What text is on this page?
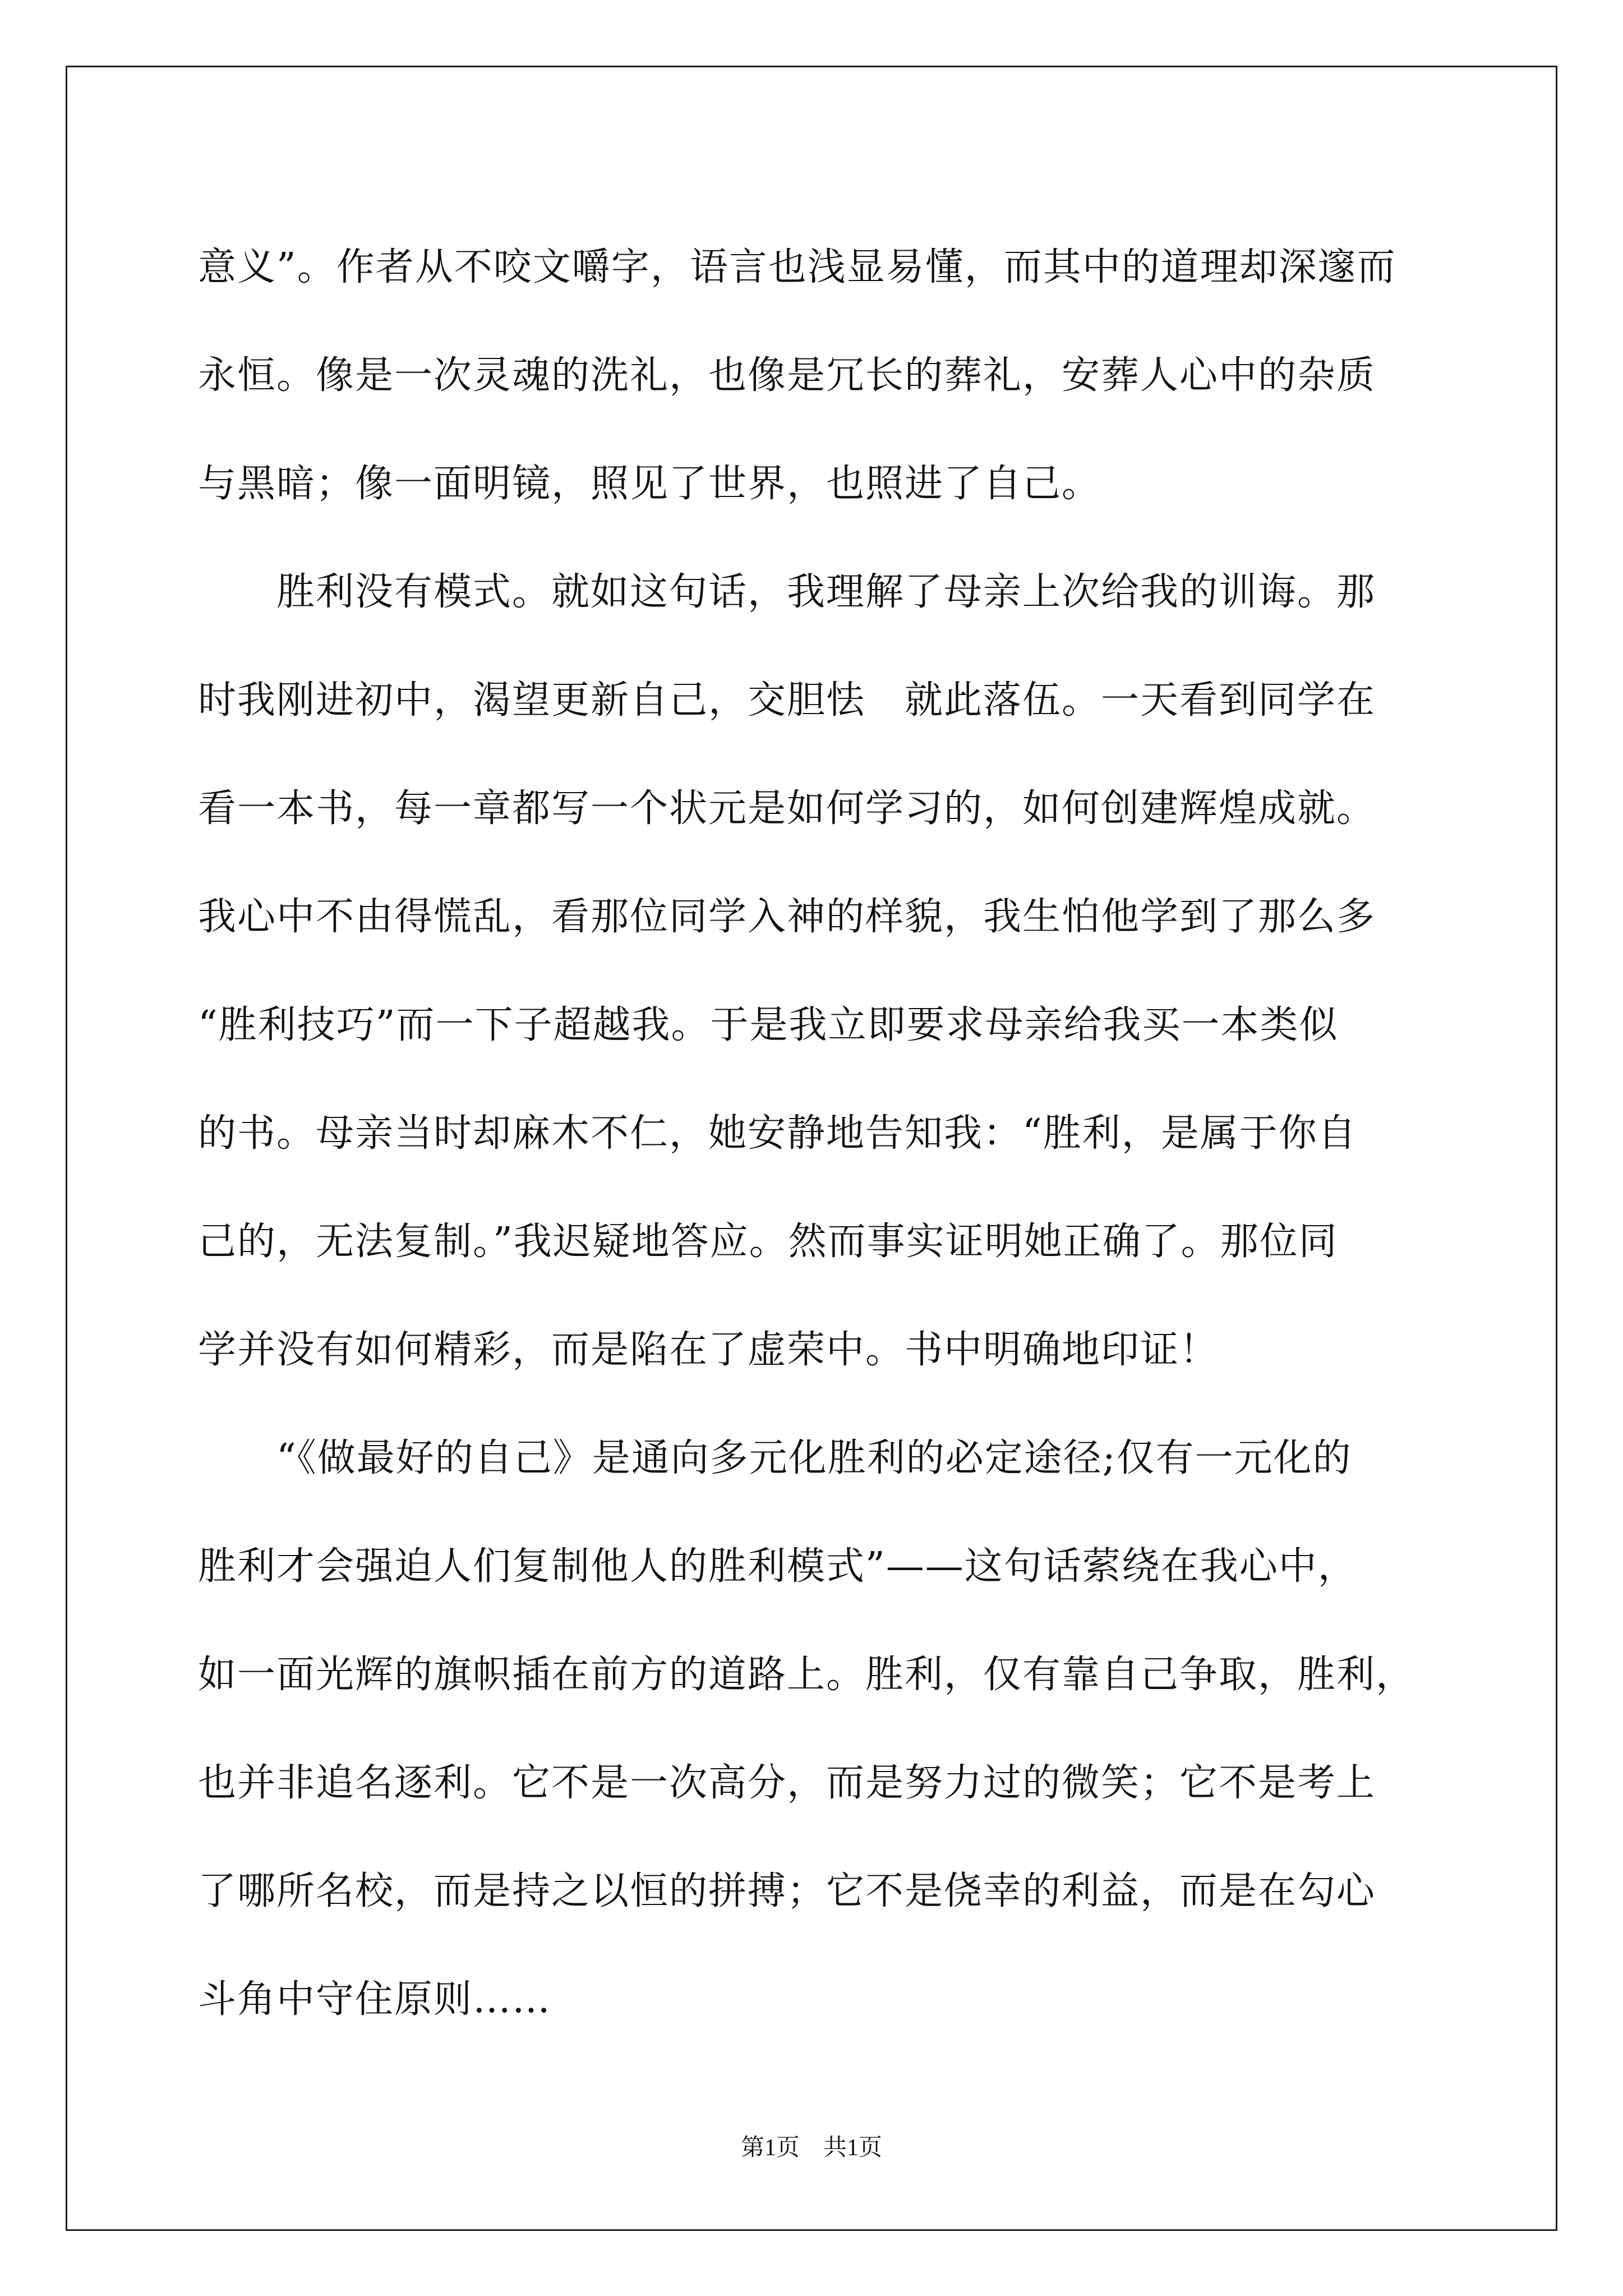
意义”。作者从不咬文嚼字，语言也浅显易懂，而其中的道理却深邃而
永恒。像是一次灵魂的洗礼，也像是冗长的葬礼，安葬人心中的杂质
与黑暗；像一面明镜，照见了世界，也照进了自己。
胜利没有模式。就如这句话，我理解了母亲上次给我的训诲。那
时我刚进初中，渴望更新自己，交胆怯　就此落伍。一天看到同学在
看一本书，每一章都写一个状元是如何学习的，如何创建辉煌成就。
我心中不由得慌乱，看那位同学入神的样貌，我生怕他学到了那么多
“胜利技巧”而一下子超越我。于是我立即要求母亲给我买一本类似
的书。母亲当时却麻木不仁，她安静地告知我：“胜利，是属于你自
己的，无法复制。”我迟疑地答应。然而事实证明她正确了。那位同
学并没有如何精彩，而是陷在了虚荣中。书中明确地印证！
“《做最好的自己》是通向多元化胜利的必定途径;仅有一元化的
胜利才会强迫人们复制他人的胜利模式”——这句话萦绕在我心中，
如一面光辉的旗帜插在前方的道路上。胜利，仅有靠自己争取，胜利，
也并非追名逐利。它不是一次高分，而是努力过的微笑；它不是考上
了哪所名校，而是持之以恒的拼搏；它不是侥幸的利益，而是在勾心
斗角中守住原则……
第1页　共1页
